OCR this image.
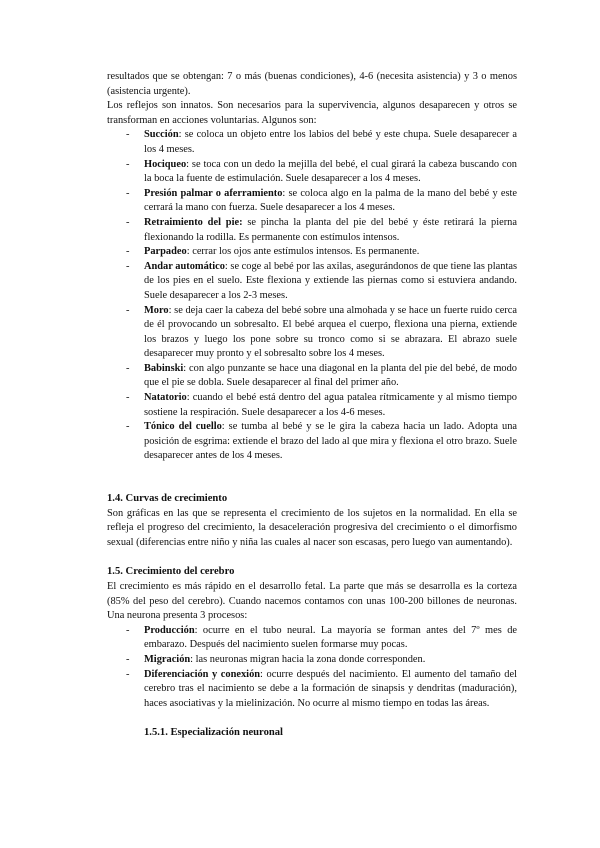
resultados que se obtengan: 7 o más (buenas condiciones), 4-6 (necesita asistencia) y 3 o menos (asistencia urgente).

Los reflejos son innatos. Son necesarios para la supervivencia, algunos desaparecen y otros se transforman en acciones voluntarias. Algunos son:

- Succión: se coloca un objeto entre los labios del bebé y este chupa. Suele desaparecer a los 4 meses.
- Hociqueo: se toca con un dedo la mejilla del bebé, el cual girará la cabeza buscando con la boca la fuente de estimulación. Suele desaparecer a los 4 meses.
- Presión palmar o aferramiento: se coloca algo en la palma de la mano del bebé y este cerrará la mano con fuerza. Suele desaparecer a los 4 meses.
- Retraimiento del pie: se pincha la planta del pie del bebé y éste retirará la pierna flexionando la rodilla. Es permanente con estímulos intensos.
- Parpadeo: cerrar los ojos ante estímulos intensos. Es permanente.
- Andar automático: se coge al bebé por las axilas, asegurándonos de que tiene las plantas de los pies en el suelo. Este flexiona y extiende las piernas como si estuviera andando. Suele desaparecer a los 2-3 meses.
- Moro: se deja caer la cabeza del bebé sobre una almohada y se hace un fuerte ruido cerca de él provocando un sobresalto. El bebé arquea el cuerpo, flexiona una pierna, extiende los brazos y luego los pone sobre su tronco como si se abrazara. El abrazo suele desaparecer muy pronto y el sobresalto sobre los 4 meses.
- Babinski: con algo punzante se hace una diagonal en la planta del pie del bebé, de modo que el pie se dobla. Suele desaparecer al final del primer año.
- Natatorio: cuando el bebé está dentro del agua patalea rítmicamente y al mismo tiempo sostiene la respiración. Suele desaparecer a los 4-6 meses.
- Tónico del cuello: se tumba al bebé y se le gira la cabeza hacia un lado. Adopta una posición de esgrima: extiende el brazo del lado al que mira y flexiona el otro brazo. Suele desaparecer antes de los 4 meses.
1.4. Curvas de crecimiento

Son gráficas en las que se representa el crecimiento de los sujetos en la normalidad. En ella se refleja el progreso del crecimiento, la desaceleración progresiva del crecimiento o el dimorfismo sexual (diferencias entre niño y niña las cuales al nacer son escasas, pero luego van aumentando).

1.5. Crecimiento del cerebro

El crecimiento es más rápido en el desarrollo fetal. La parte que más se desarrolla es la corteza (85% del peso del cerebro). Cuando nacemos contamos con unas 100-200 billones de neuronas. Una neurona presenta 3 procesos:

- Producción: ocurre en el tubo neural. La mayoría se forman antes del 7º mes de embarazo. Después del nacimiento suelen formarse muy pocas.
- Migración: las neuronas migran hacia la zona donde corresponden.
- Diferenciación y conexión: ocurre después del nacimiento. El aumento del tamaño del cerebro tras el nacimiento se debe a la formación de sinapsis y dendritas (maduración), haces asociativas y la mielinización. No ocurre al mismo tiempo en todas las áreas.
1.5.1. Especialización neuronal
